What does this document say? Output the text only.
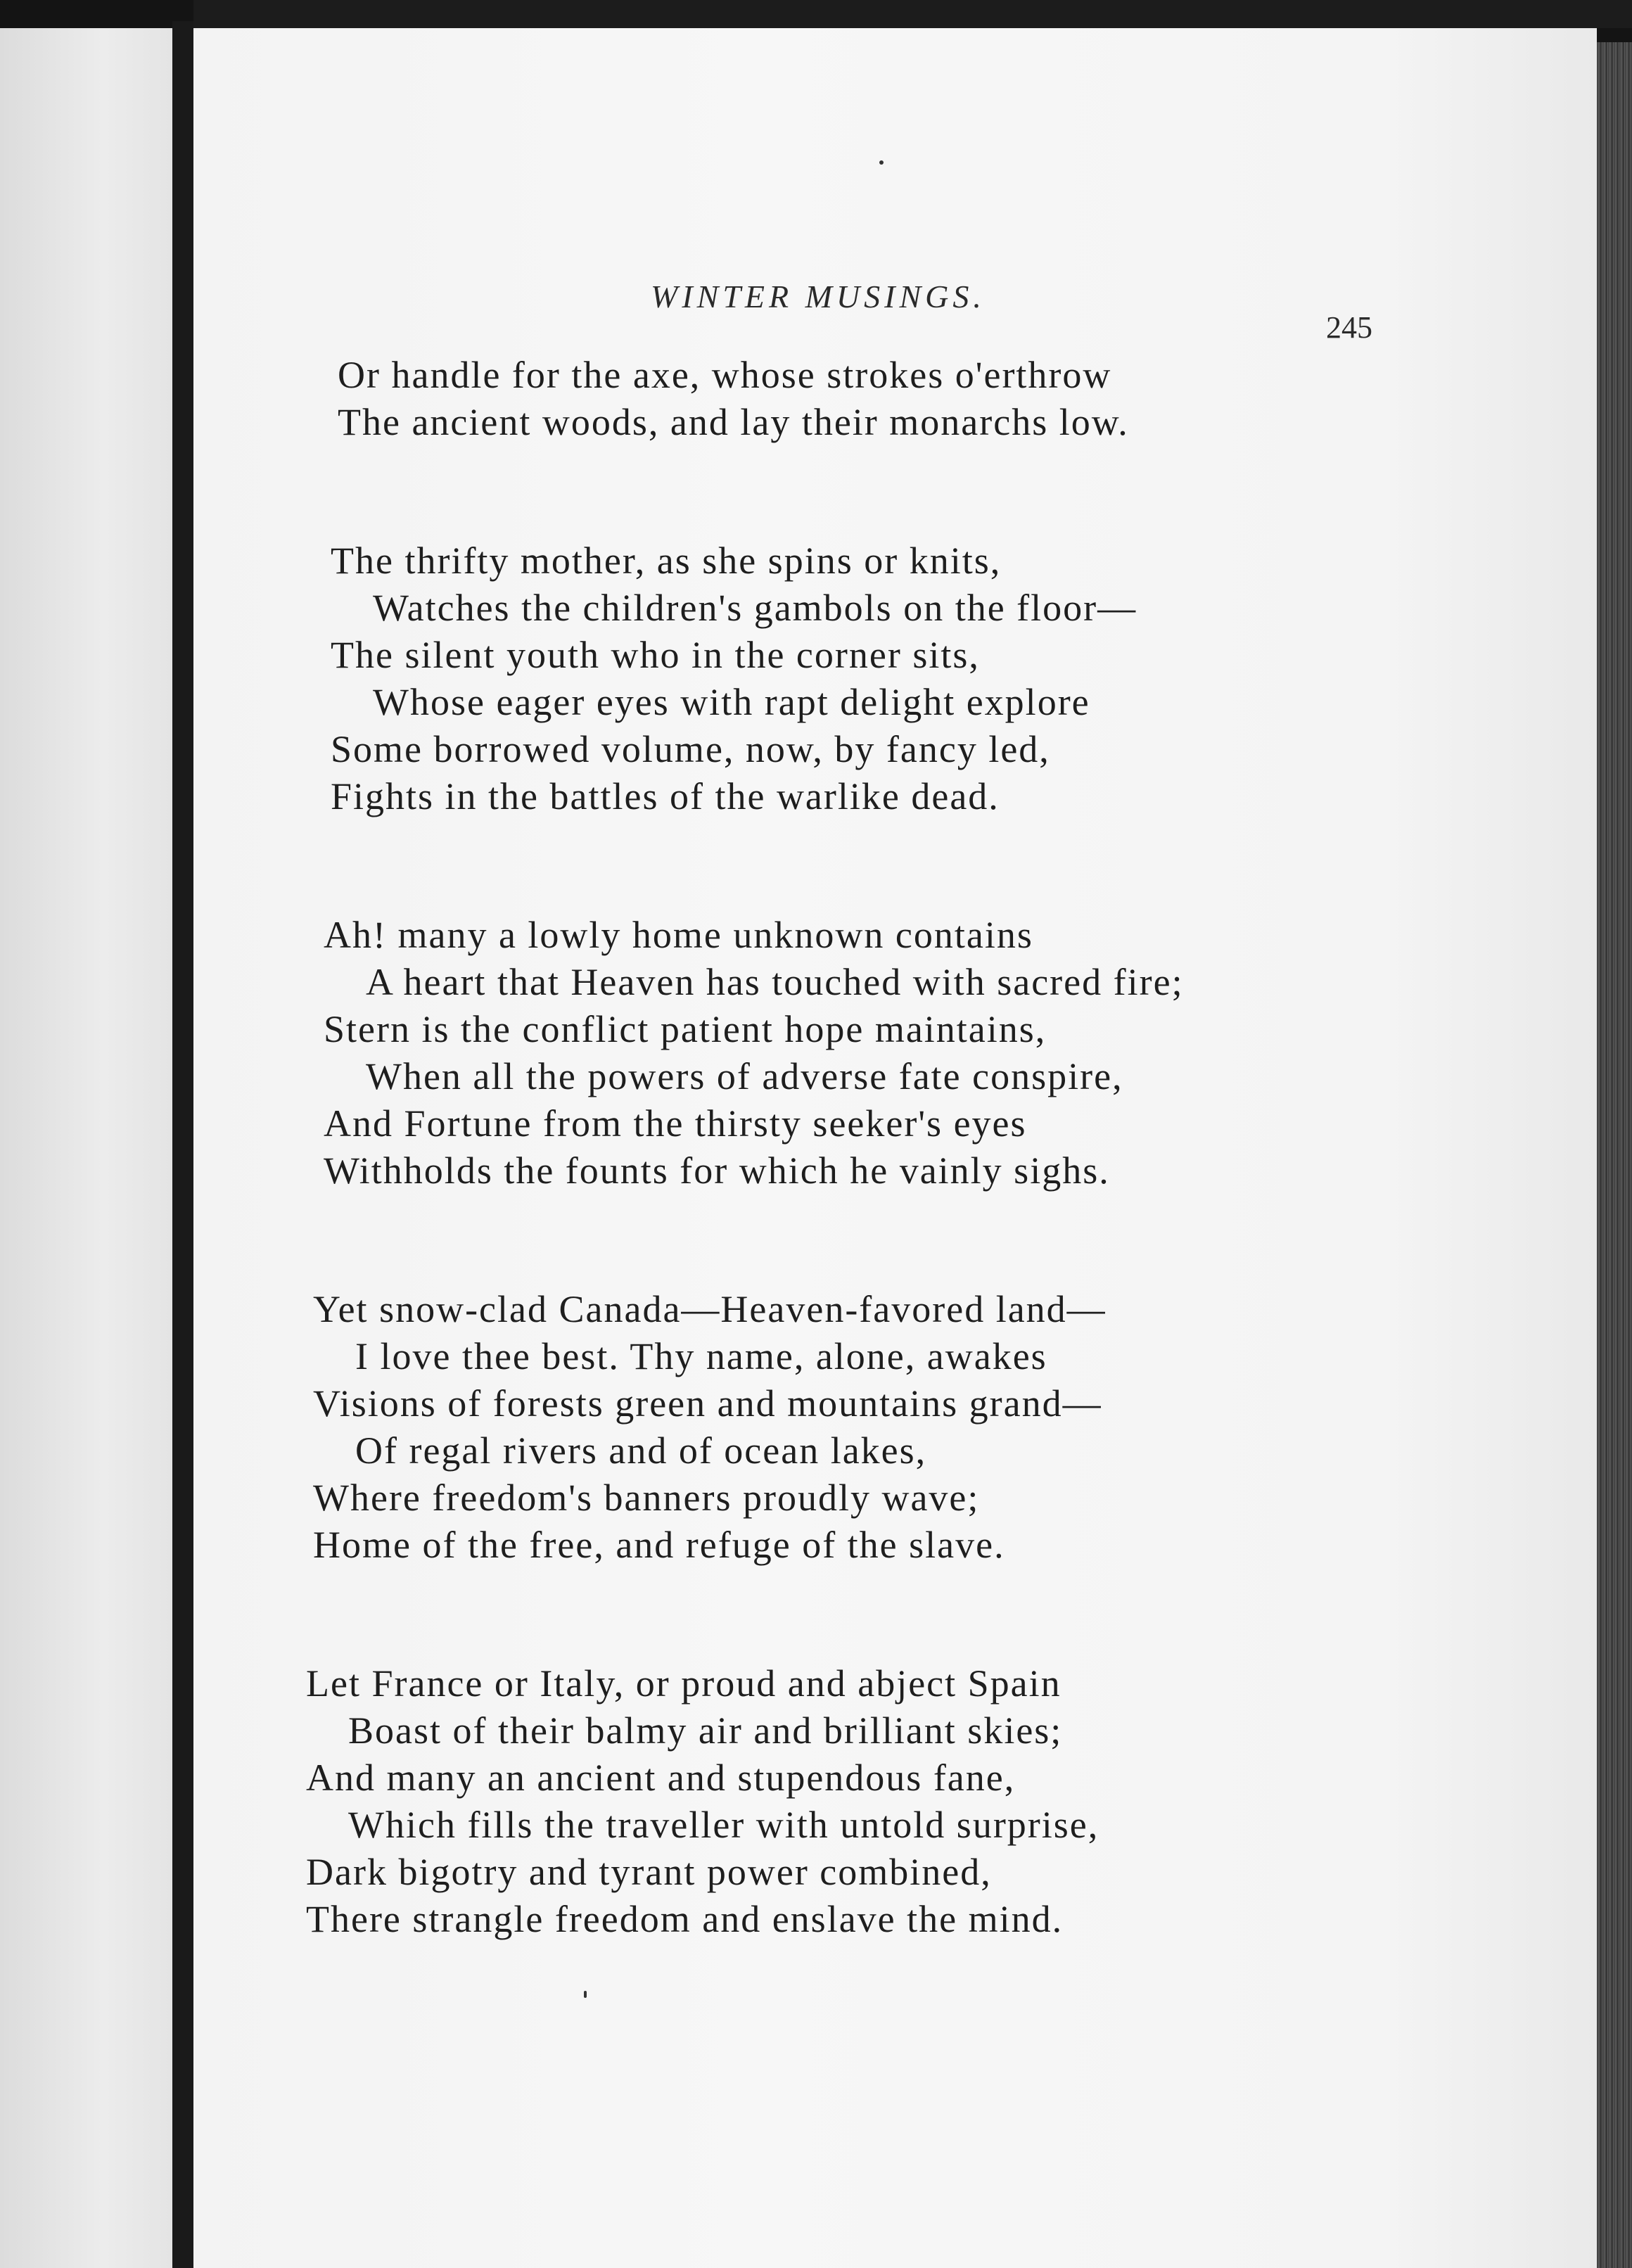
WINTER MUSINGS.
245
Or handle for the axe, whose strokes o'erthrow
The ancient woods, and lay their monarchs low.
The thrifty mother, as she spins or knits,
Watches the children's gambols on the floor—
The silent youth who in the corner sits,
Whose eager eyes with rapt delight explore
Some borrowed volume, now, by fancy led,
Fights in the battles of the warlike dead.
Ah! many a lowly home unknown contains
A heart that Heaven has touched with sacred fire;
Stern is the conflict patient hope maintains,
When all the powers of adverse fate conspire,
And Fortune from the thirsty seeker's eyes
Withholds the founts for which he vainly sighs.
Yet snow-clad Canada—Heaven-favored land—
I love thee best. Thy name, alone, awakes
Visions of forests green and mountains grand—
Of regal rivers and of ocean lakes,
Where freedom's banners proudly wave;
Home of the free, and refuge of the slave.
Let France or Italy, or proud and abject Spain
Boast of their balmy air and brilliant skies;
And many an ancient and stupendous fane,
Which fills the traveller with untold surprise,
Dark bigotry and tyrant power combined,
There strangle freedom and enslave the mind.
